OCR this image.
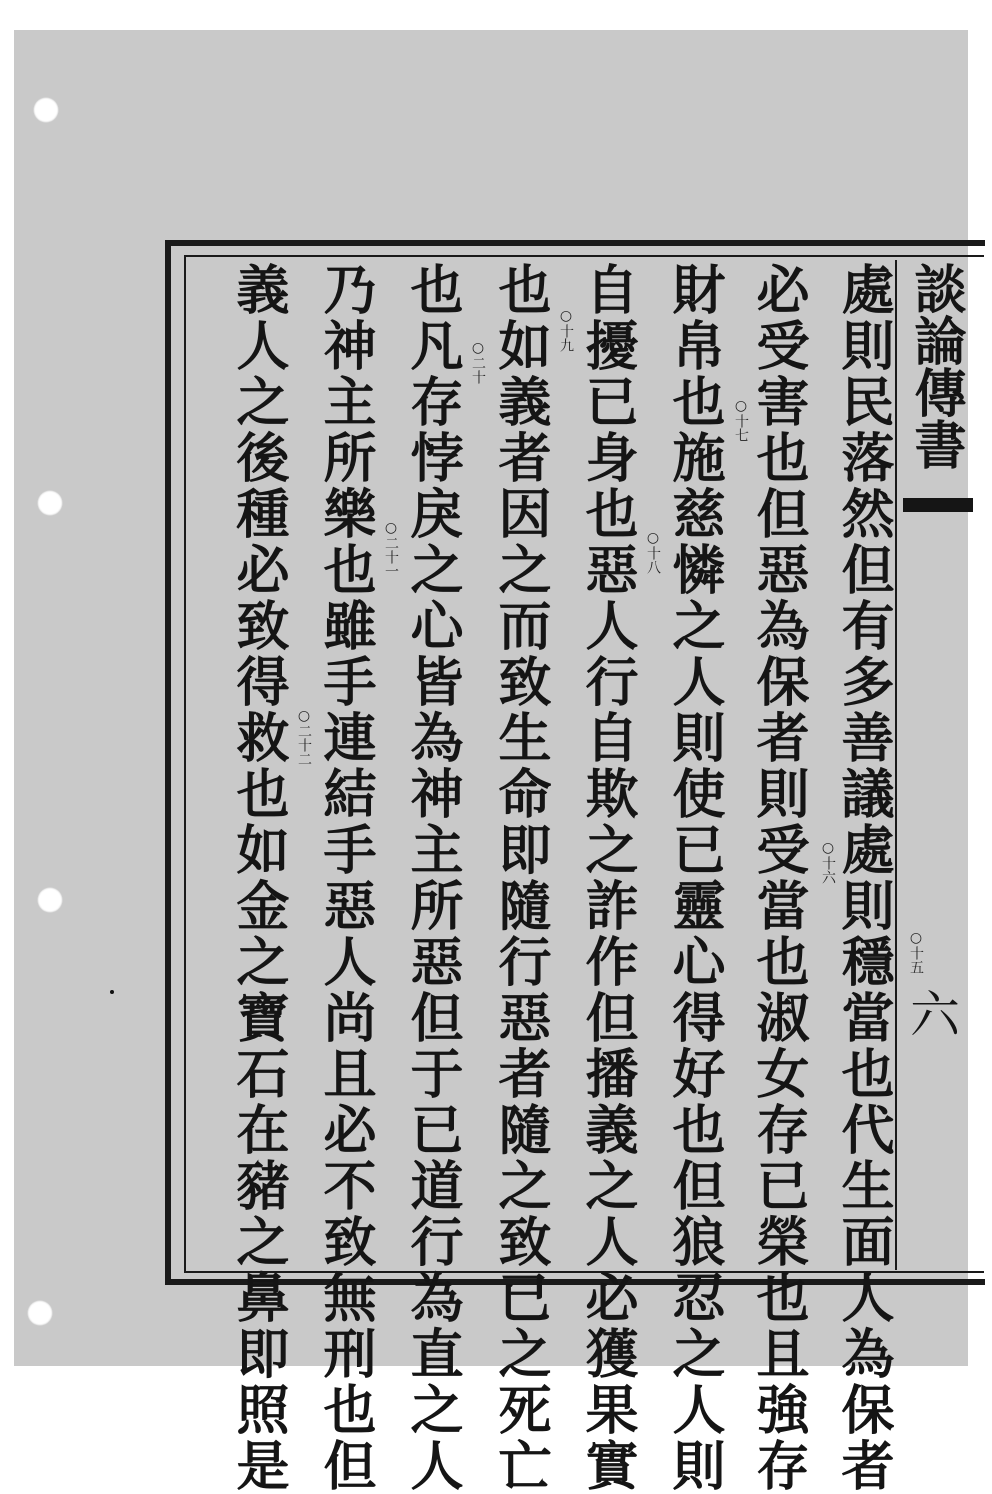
談論傳書
六
處則民落然但有多善議處則穩當也代生面人為保者
必受害也但惡為保者則受當也淑女存已榮也且強存
財帛也施慈憐之人則使已靈心得好也但狼忍之人則
自擾已身也惡人行自欺之詐作但播義之人必獲果實
也如義者因之而致生命即隨行惡者隨之致已之死亡
也凡存悖戾之心皆為神主所惡但于已道行為直之人
乃神主所樂也雖手連結手惡人尚且必不致無刑也但
義人之後種必致得救也如金之寶石在豬之鼻即照是	○十五
○十六
○十七
○十八
○十九
○二十
○二十一
○二十二
